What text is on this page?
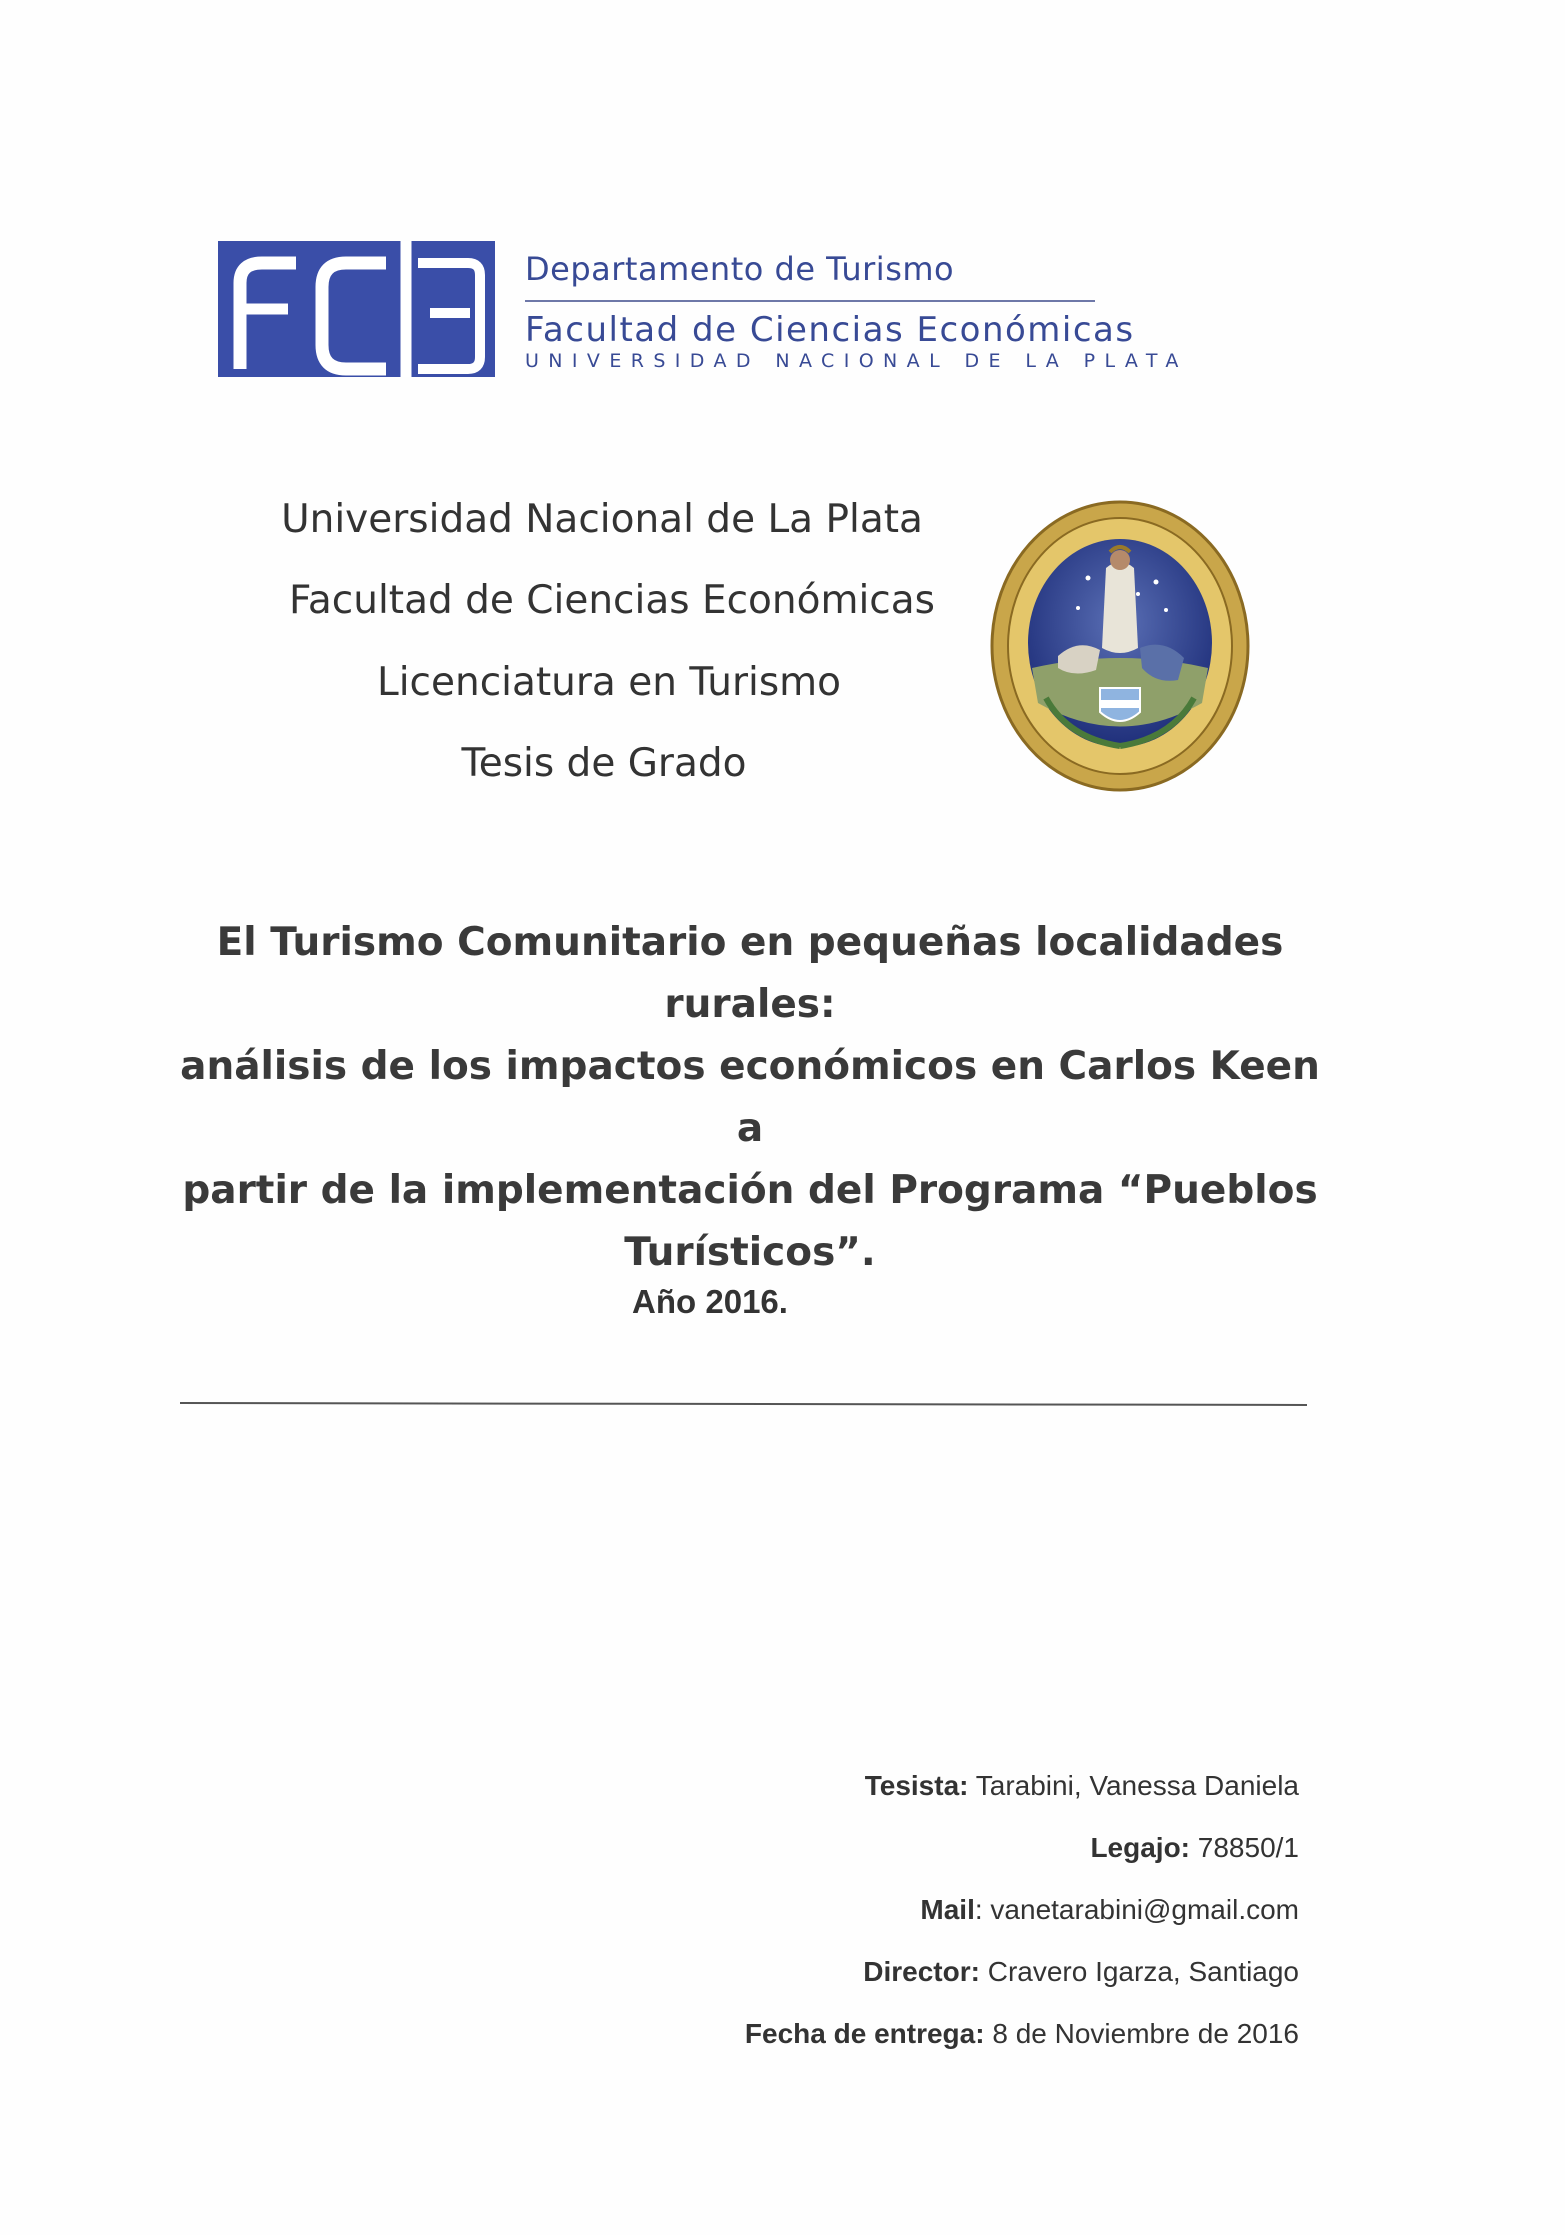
Departamento de Turismo
Facultad de Ciencias Económicas
UNIVERSIDAD NACIONAL DE LA PLATA
Universidad Nacional de La Plata
Facultad de Ciencias Económicas
Licenciatura en Turismo
Tesis de Grado
El Turismo Comunitario en pequeñas localidades rurales:
análisis de los impactos económicos en Carlos Keen a
partir de la implementación del Programa “Pueblos
Turísticos”.
Año 2016.
Tesista: Tarabini, Vanessa Daniela
Legajo: 78850/1
Mail: vanetarabini@gmail.com
Director: Cravero Igarza, Santiago
Fecha de entrega: 8 de Noviembre de 2016
